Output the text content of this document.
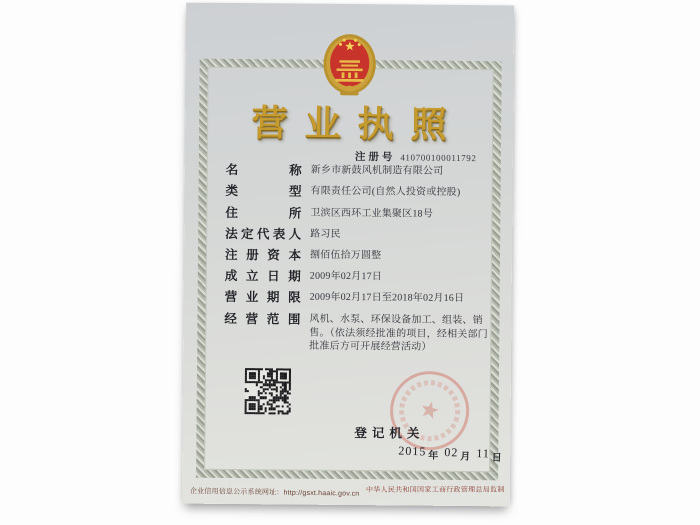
营业执照
注册号 410700100011792
名称 新乡市新鼓风机制造有限公司
类型 有限责任公司(自然人投资或控股)
住所 卫滨区西环工业集聚区18号
法定代表人 路习民
注册资本 捌佰伍拾万圆整
成立日期 2009年02月17日
营业期限 2009年02月17日至2018年02月16日
经营范围 风机、水泵、环保设备加工、组装、销售。（依法须经批准的项目，经相关部门批准后方可开展经营活动）
登记机关
2015年 02月 11日
企业信用信息公示系统网址：http://gsxt.haaic.gov.cn 中华人民共和国国家工商行政管理总局监制
